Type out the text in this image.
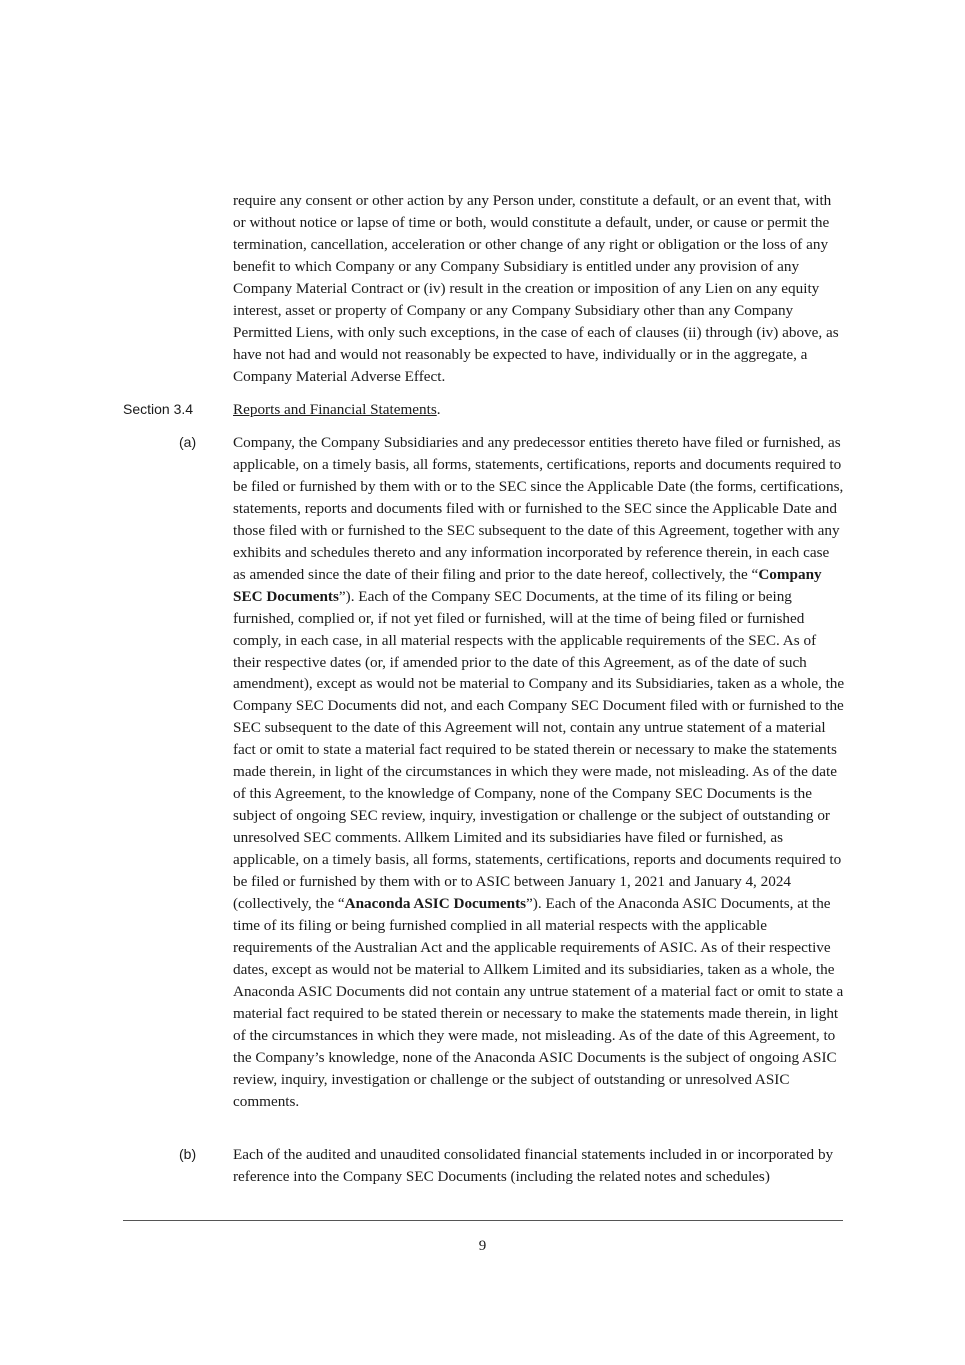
require any consent or other action by any Person under, constitute a default, or an event that, with or without notice or lapse of time or both, would constitute a default, under, or cause or permit the termination, cancellation, acceleration or other change of any right or obligation or the loss of any benefit to which Company or any Company Subsidiary is entitled under any provision of any Company Material Contract or (iv) result in the creation or imposition of any Lien on any equity interest, asset or property of Company or any Company Subsidiary other than any Company Permitted Liens, with only such exceptions, in the case of each of clauses (ii) through (iv) above, as have not had and would not reasonably be expected to have, individually or in the aggregate, a Company Material Adverse Effect.

Section 3.4	Reports and Financial Statements.

(a) Company, the Company Subsidiaries and any predecessor entities thereto have filed or furnished, as applicable, on a timely basis, all forms, statements, certifications, reports and documents required to be filed or furnished by them with or to the SEC since the Applicable Date (the forms, certifications, statements, reports and documents filed with or furnished to the SEC since the Applicable Date and those filed with or furnished to the SEC subsequent to the date of this Agreement, together with any exhibits and schedules thereto and any information incorporated by reference therein, in each case as amended since the date of their filing and prior to the date hereof, collectively, the “Company SEC Documents”). Each of the Company SEC Documents, at the time of its filing or being furnished, complied or, if not yet filed or furnished, will at the time of being filed or furnished comply, in each case, in all material respects with the applicable requirements of the SEC. As of their respective dates (or, if amended prior to the date of this Agreement, as of the date of such amendment), except as would not be material to Company and its Subsidiaries, taken as a whole, the Company SEC Documents did not, and each Company SEC Document filed with or furnished to the SEC subsequent to the date of this Agreement will not, contain any untrue statement of a material fact or omit to state a material fact required to be stated therein or necessary to make the statements made therein, in light of the circumstances in which they were made, not misleading. As of the date of this Agreement, to the knowledge of Company, none of the Company SEC Documents is the subject of ongoing SEC review, inquiry, investigation or challenge or the subject of outstanding or unresolved SEC comments. Allkem Limited and its subsidiaries have filed or furnished, as applicable, on a timely basis, all forms, statements, certifications, reports and documents required to be filed or furnished by them with or to ASIC between January 1, 2021 and January 4, 2024 (collectively, the “Anaconda ASIC Documents”). Each of the Anaconda ASIC Documents, at the time of its filing or being furnished complied in all material respects with the applicable requirements of the Australian Act and the applicable requirements of ASIC. As of their respective dates, except as would not be material to Allkem Limited and its subsidiaries, taken as a whole, the Anaconda ASIC Documents did not contain any untrue statement of a material fact or omit to state a material fact required to be stated therein or necessary to make the statements made therein, in light of the circumstances in which they were made, not misleading. As of the date of this Agreement, to the Company’s knowledge, none of the Anaconda ASIC Documents is the subject of ongoing ASIC review, inquiry, investigation or challenge or the subject of outstanding or unresolved ASIC comments.

(b) Each of the audited and unaudited consolidated financial statements included in or incorporated by reference into the Company SEC Documents (including the related notes and schedules)

9
